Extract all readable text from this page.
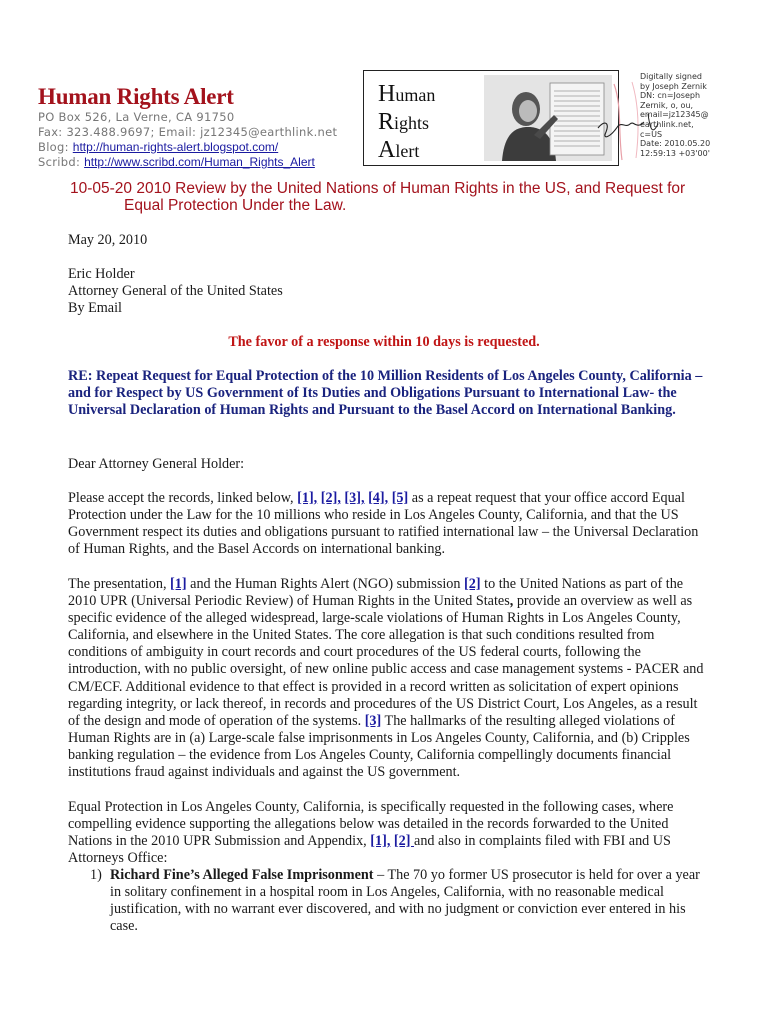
Human Rights Alert
PO Box 526, La Verne, CA 91750
Fax: 323.488.9697; Email: jz12345@earthlink.net
Blog: http://human-rights-alert.blogspot.com/
Scribd: http://www.scribd.com/Human_Rights_Alert
Human
Rights
Alert
Digitally signed
by Joseph Zernik
DN: cn=Joseph
Zernik, o, ou,
email=jz12345@
earthlink.net,
c=US
Date: 2010.05.20
12:59:13 +03'00'
10-05-20 2010 Review by the United Nations of Human Rights in the US, and Request for
Equal Protection Under the Law.

May 20, 2010

Eric Holder
Attorney General of the United States
By Email

The favor of a response within 10 days is requested.

RE: Repeat Request for Equal Protection of the 10 Million Residents of Los Angeles County, California – and for Respect by US Government of Its Duties and Obligations Pursuant to International Law- the Universal Declaration of Human Rights and Pursuant to the Basel Accord on International Banking.

Dear Attorney General Holder:

Please accept the records, linked below, [1], [2], [3], [4], [5] as a repeat request that your office accord Equal Protection under the Law for the 10 millions who reside in Los Angeles County, California, and that the US Government respect its duties and obligations pursuant to ratified international law – the Universal Declaration of Human Rights, and the Basel Accords on international banking.

The presentation, [1] and the Human Rights Alert (NGO) submission [2] to the United Nations as part of the 2010 UPR (Universal Periodic Review) of Human Rights in the United States, provide an overview as well as specific evidence of the alleged widespread, large-scale violations of Human Rights in Los Angeles County, California, and elsewhere in the United States. The core allegation is that such conditions resulted from conditions of ambiguity in court records and court procedures of the US federal courts, following the introduction, with no public oversight, of new online public access and case management systems - PACER and CM/ECF. Additional evidence to that effect is provided in a record written as solicitation of expert opinions regarding integrity, or lack thereof, in records and procedures of the US District Court, Los Angeles, as a result of the design and mode of operation of the systems. [3] The hallmarks of the resulting alleged violations of Human Rights are in (a) Large-scale false imprisonments in Los Angeles County, California, and (b) Cripples banking regulation – the evidence from Los Angeles County, California compellingly documents financial institutions fraud against individuals and against the US government.

Equal Protection in Los Angeles County, California, is specifically requested in the following cases, where compelling evidence supporting the allegations below was detailed in the records forwarded to the United Nations in the 2010 UPR Submission and Appendix, [1], [2] and also in complaints filed with FBI and US Attorneys Office:

1) Richard Fine’s Alleged False Imprisonment – The 70 yo former US prosecutor is held for over a year in solitary confinement in a hospital room in Los Angeles, California, with no reasonable medical justification, with no warrant ever discovered, and with no judgment or conviction ever entered in his case.
